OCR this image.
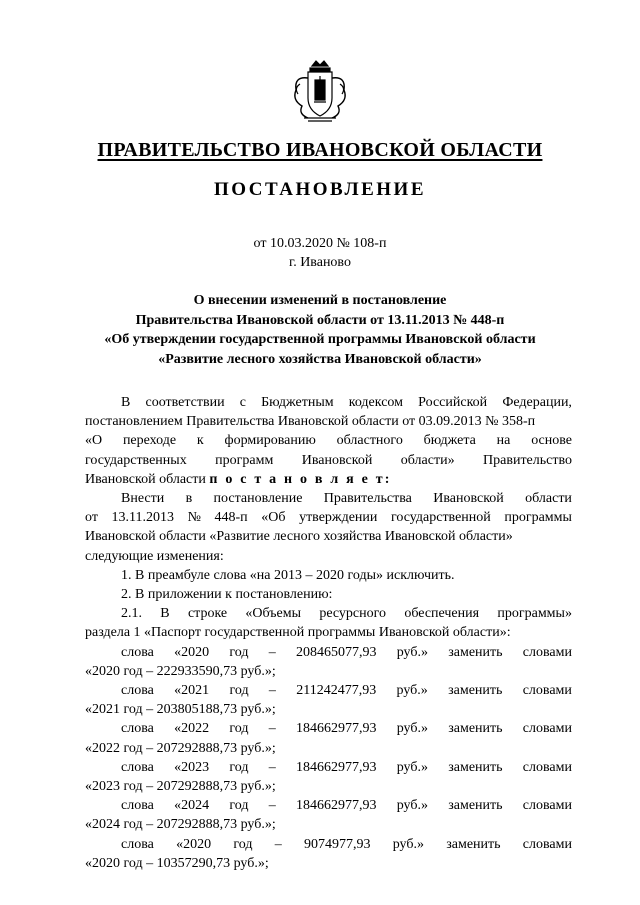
ПРАВИТЕЛЬСТВО ИВАНОВСКОЙ ОБЛАСТИ
ПОСТАНОВЛЕНИЕ
от 10.03.2020 № 108-п
г. Иваново
О внесении изменений в постановление
Правительства Ивановской области от 13.11.2013 № 448-п
«Об утверждении государственной программы Ивановской области
«Развитие лесного хозяйства Ивановской области»
В соответствии с Бюджетным кодексом Российской Федерации,
постановлением Правительства Ивановской области от 03.09.2013 № 358-п
«О переходе к формированию областного бюджета на основе
государственных программ Ивановской области» Правительство
Ивановской области п о с т а н о в л я е т:
Внести в постановление Правительства Ивановской области
от 13.11.2013 № 448-п «Об утверждении государственной программы
Ивановской области «Развитие лесного хозяйства Ивановской области»
следующие изменения:
1. В преамбуле слова «на 2013 – 2020 годы» исключить.
2. В приложении к постановлению:
2.1. В строке «Объемы ресурсного обеспечения программы»
раздела 1 «Паспорт государственной программы Ивановской области»:
слова «2020 год – 208465077,93 руб.» заменить словами
«2020 год – 222933590,73 руб.»;
слова «2021 год – 211242477,93 руб.» заменить словами
«2021 год – 203805188,73 руб.»;
слова «2022 год – 184662977,93 руб.» заменить словами
«2022 год – 207292888,73 руб.»;
слова «2023 год – 184662977,93 руб.» заменить словами
«2023 год – 207292888,73 руб.»;
слова «2024 год – 184662977,93 руб.» заменить словами
«2024 год – 207292888,73 руб.»;
слова «2020 год – 9074977,93 руб.» заменить словами
«2020 год – 10357290,73 руб.»;
